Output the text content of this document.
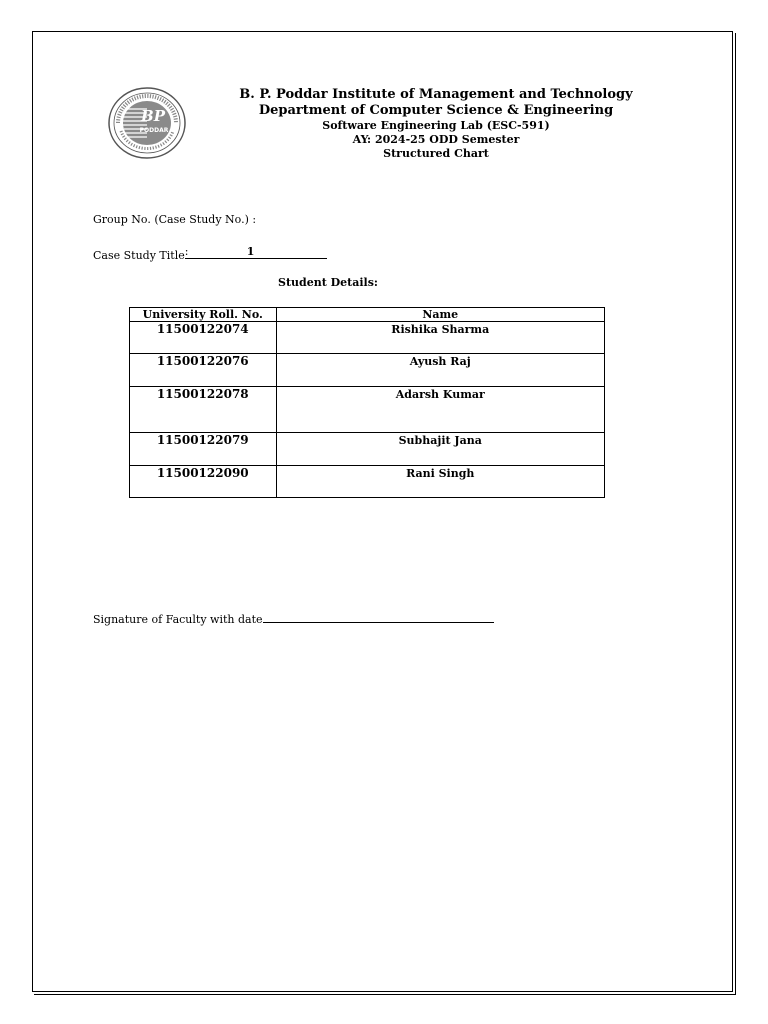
BP
PODDAR
B. P. Poddar Institute of Management and Technology
Department of Computer Science & Engineering
Software Engineering Lab (ESC-591)
AY: 2024-25 ODD Semester
Structured Chart
Group No. (Case Study No.) :
Case Study Title :	1
Student Details:
University Roll. No.	Name
11500122074	Rishika Sharma
11500122076	Ayush Raj
11500122078	Adarsh Kumar
11500122079	Subhajit Jana
11500122090	Rani Singh
Signature of Faculty with date
